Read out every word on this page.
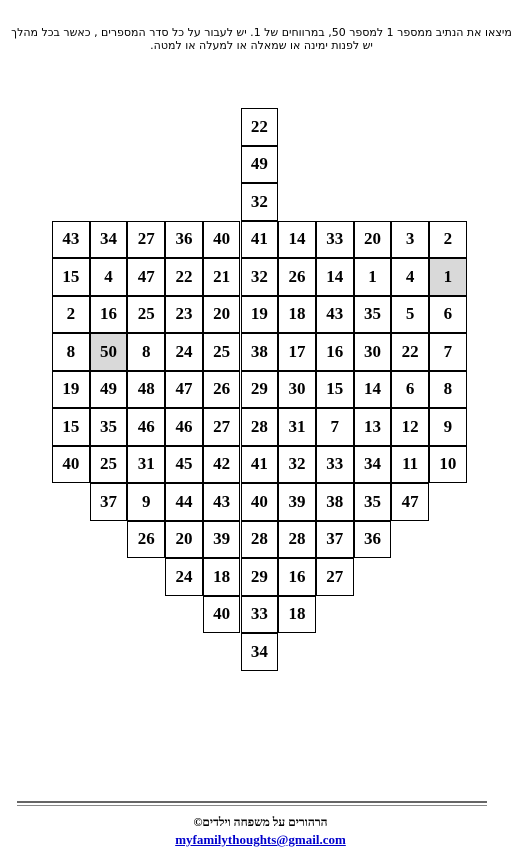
מיצאו את הנתיב ממספר 1 למספר 50, במרווחים של 1. יש לעבור על כל סדר המספרים , כאשר בכל מהלך יש לפנות ימינה או שמאלה או למעלה או למטה.
22
49
32
43	34	27	36	40	41	14	33	20	3	2
15	4	47	22	21	32	26	14	1	4	1
2	16	25	23	20	19	18	43	35	5	6
8	50	8	24	25	38	17	16	30	22	7
19	49	48	47	26	29	30	15	14	6	8
15	35	46	46	27	28	31	7	13	12	9
40	25	31	45	42	41	32	33	34	11	10
37	9	44	43	40	39	38	35	47
26	20	39	28	28	37	36
24	18	29	16	27
40	33	18
34
הרהורים על משפחה וילדים©
myfamilythoughts@gmail.com
